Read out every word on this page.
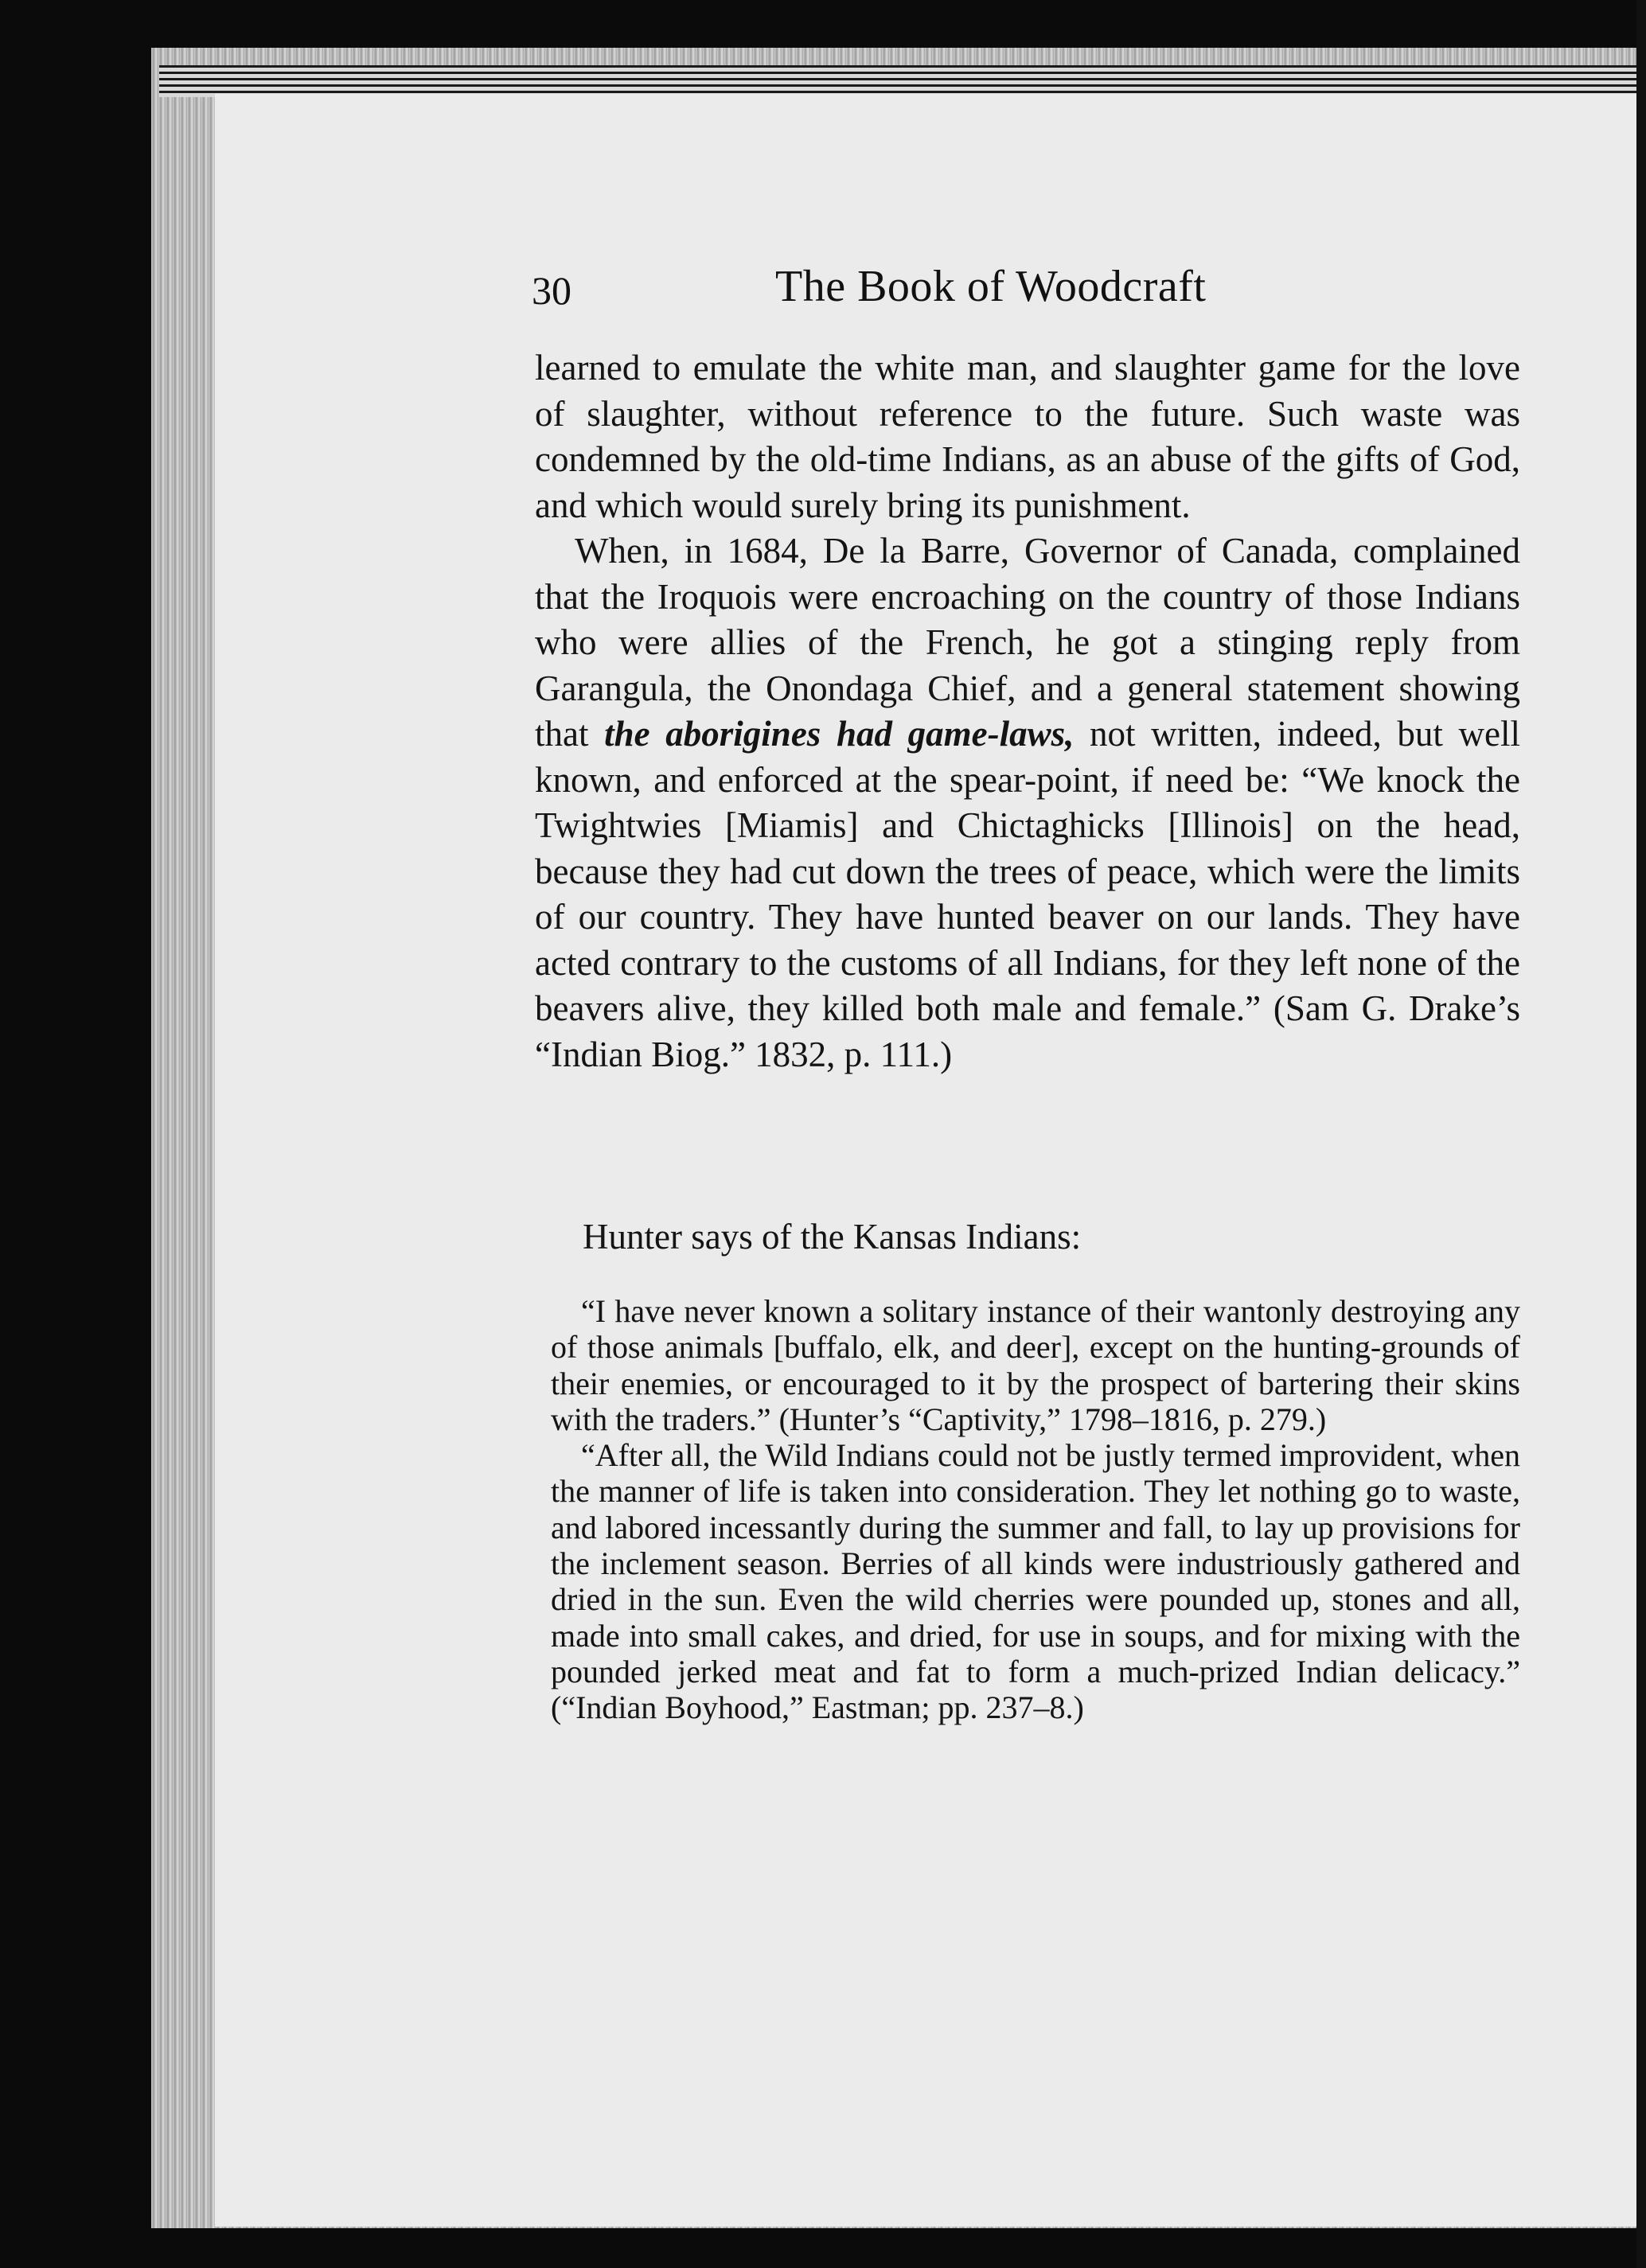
30	The Book of Woodcraft

learned to emulate the white man, and slaughter game for the love of slaughter, without reference to the future. Such waste was condemned by the old-time Indians, as an abuse of the gifts of God, and which would surely bring its punishment.

When, in 1684, De la Barre, Governor of Canada, complained that the Iroquois were encroaching on the country of those Indians who were allies of the French, he got a stinging reply from Garangula, the Onondaga Chief, and a general statement showing that the aborigines had game-laws, not written, indeed, but well known, and enforced at the spear-point, if need be: “We knock the Twightwies [Miamis] and Chictaghicks [Illinois] on the head, because they had cut down the trees of peace, which were the limits of our country. They have hunted beaver on our lands. They have acted contrary to the customs of all Indians, for they left none of the beavers alive, they killed both male and female.” (Sam G. Drake’s “Indian Biog.” 1832, p. 111.)

Hunter says of the Kansas Indians:

“I have never known a solitary instance of their wantonly destroying any of those animals [buffalo, elk, and deer], except on the hunting-grounds of their enemies, or encouraged to it by the prospect of bartering their skins with the traders.” (Hunter’s “Captivity,” 1798–1816, p. 279.)

“After all, the Wild Indians could not be justly termed improvident, when the manner of life is taken into consideration. They let nothing go to waste, and labored incessantly during the summer and fall, to lay up provisions for the inclement season. Berries of all kinds were industriously gathered and dried in the sun. Even the wild cherries were pounded up, stones and all, made into small cakes, and dried, for use in soups, and for mixing with the pounded jerked meat and fat to form a much-prized Indian delicacy.” (“Indian Boyhood,” Eastman; pp. 237–8.)
